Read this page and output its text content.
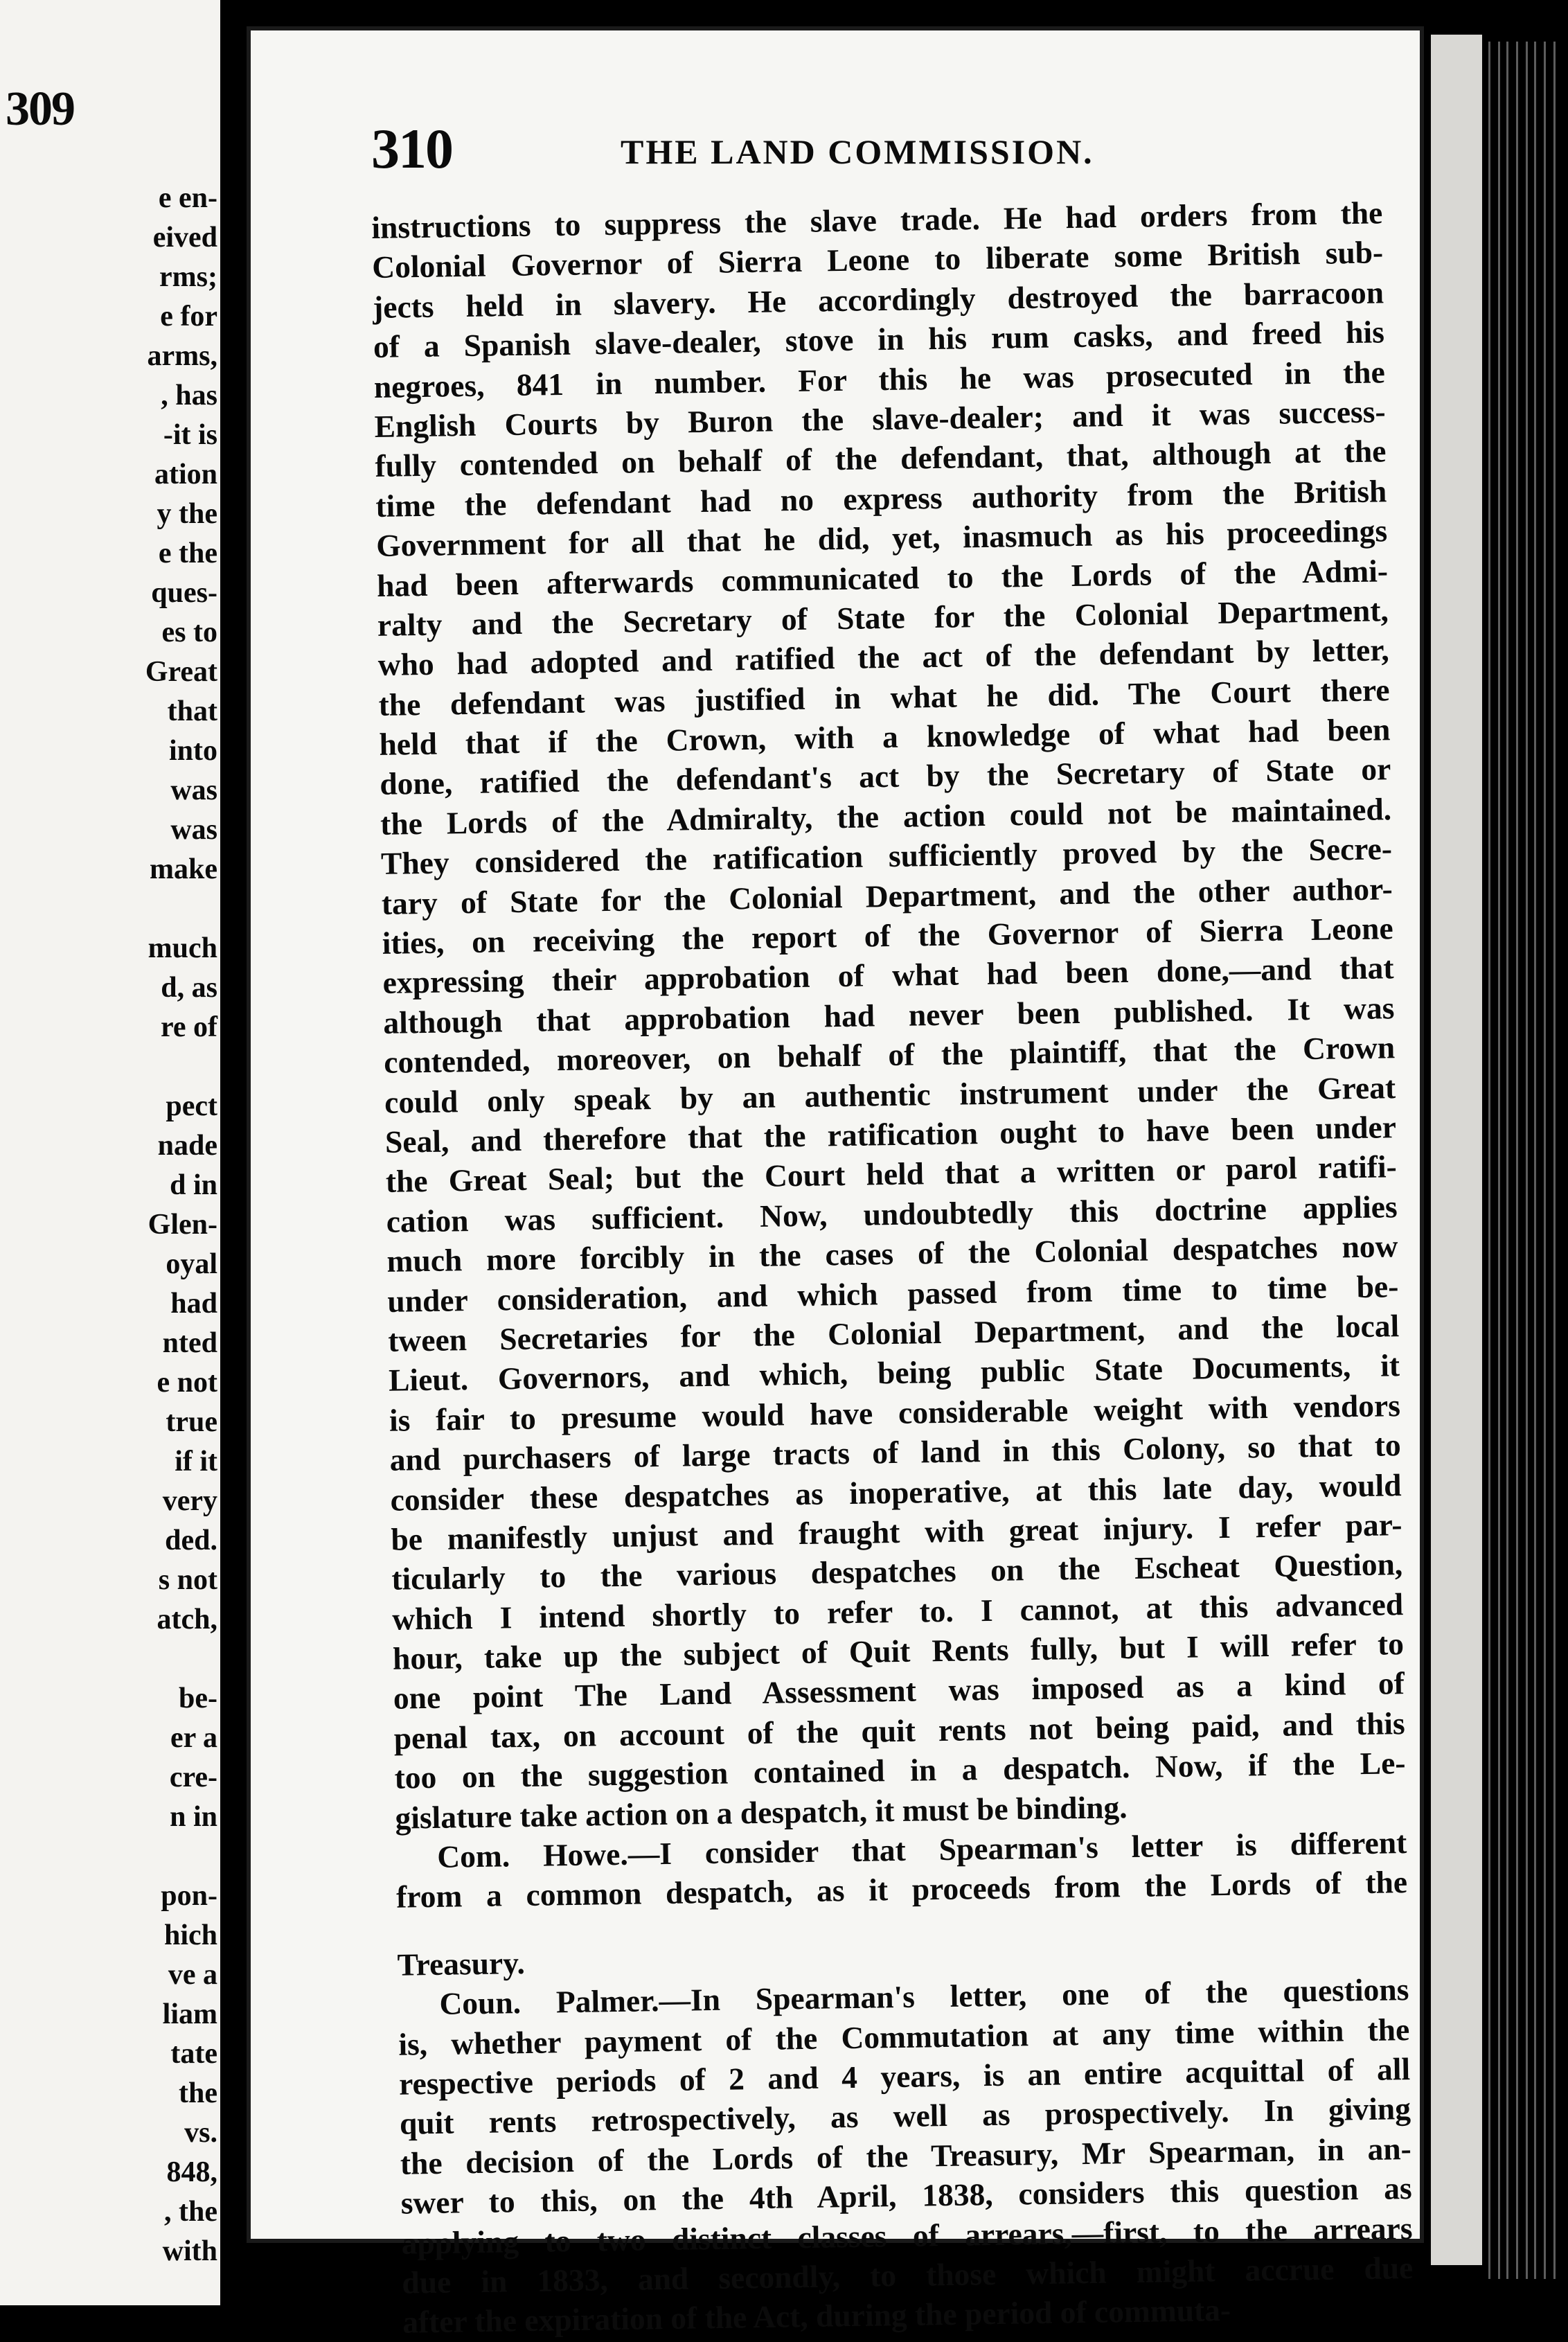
309
e en-
eived
rms;
e for
arms,
, has
-it is
ation
y the
e the
ques-
es to
Great
that
into
was
was
make
much
d, as
re of
pect
nade
d in
Glen-
oyal
had
nted
e not
true
if it
very
ded.
s not
atch,
be-
er a
cre-
n in
pon-
hich
ve a
liam
tate
the
vs.
848,
, the
with
310	THE LAND COMMISSION.
instructions to suppress the slave trade. He had orders from the
Colonial Governor of Sierra Leone to liberate some British sub-
jects held in slavery. He accordingly destroyed the barracoon
of a Spanish slave-dealer, stove in his rum casks, and freed his
negroes, 841 in number. For this he was prosecuted in the
English Courts by Buron the slave-dealer; and it was success-
fully contended on behalf of the defendant, that, although at the
time the defendant had no express authority from the British
Government for all that he did, yet, inasmuch as his proceedings
had been afterwards communicated to the Lords of the Admi-
ralty and the Secretary of State for the Colonial Department,
who had adopted and ratified the act of the defendant by letter,
the defendant was justified in what he did. The Court there
held that if the Crown, with a knowledge of what had been
done, ratified the defendant's act by the Secretary of State or
the Lords of the Admiralty, the action could not be maintained.
They considered the ratification sufficiently proved by the Secre-
tary of State for the Colonial Department, and the other author-
ities, on receiving the report of the Governor of Sierra Leone
expressing their approbation of what had been done,—and that
although that approbation had never been published. It was
contended, moreover, on behalf of the plaintiff, that the Crown
could only speak by an authentic instrument under the Great
Seal, and therefore that the ratification ought to have been under
the Great Seal; but the Court held that a written or parol ratifi-
cation was sufficient. Now, undoubtedly this doctrine applies
much more forcibly in the cases of the Colonial despatches now
under consideration, and which passed from time to time be-
tween Secretaries for the Colonial Department, and the local
Lieut. Governors, and which, being public State Documents, it
is fair to presume would have considerable weight with vendors
and purchasers of large tracts of land in this Colony, so that to
consider these despatches as inoperative, at this late day, would
be manifestly unjust and fraught with great injury. I refer par-
ticularly to the various despatches on the Escheat Question,
which I intend shortly to refer to. I cannot, at this advanced
hour, take up the subject of Quit Rents fully, but I will refer to
one point The Land Assessment was imposed as a kind of
penal tax, on account of the quit rents not being paid, and this
too on the suggestion contained in a despatch. Now, if the Le-
gislature take action on a despatch, it must be binding.
Com. Howe.—I consider that Spearman's letter is different
from a common despatch, as it proceeds from the Lords of the
Treasury.
Coun. Palmer.—In Spearman's letter, one of the questions
is, whether payment of the Commutation at any time within the
respective periods of 2 and 4 years, is an entire acquittal of all
quit rents retrospectively, as well as prospectively. In giving
the decision of the Lords of the Treasury, Mr Spearman, in an-
swer to this, on the 4th April, 1838, considers this question as
applying to two distinct classes of arrears,—first, to the arrears
due in 1833, and secondly, to those which might accrue due
after the expiration of the Act, during the period of commuta-
